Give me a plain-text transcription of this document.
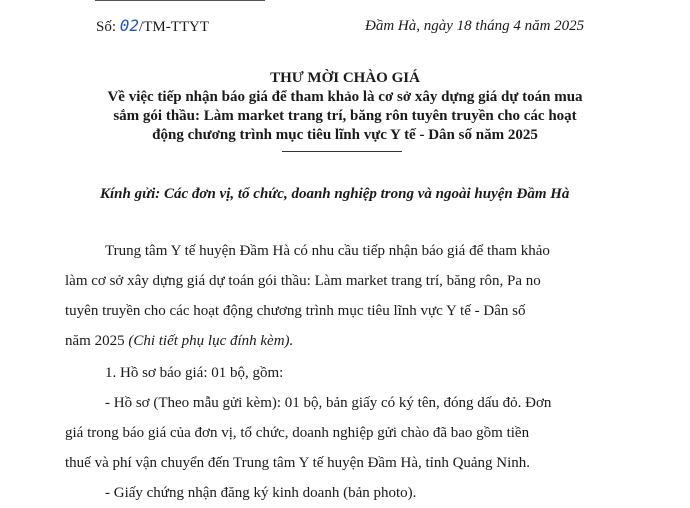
Số: 02/TM-TTYT	Đầm Hà, ngày 18 tháng 4 năm 2025
THƯ MỜI CHÀO GIÁ
Về việc tiếp nhận báo giá để tham khảo là cơ sở xây dựng giá dự toán mua
sắm gói thầu: Làm market trang trí, băng rôn tuyên truyền cho các hoạt
động chương trình mục tiêu lĩnh vực Y tế - Dân số năm 2025
Kính gửi: Các đơn vị, tổ chức, doanh nghiệp trong và ngoài huyện Đầm Hà
Trung tâm Y tế huyện Đầm Hà có nhu cầu tiếp nhận báo giá để tham khảo
làm cơ sở xây dựng giá dự toán gói thầu: Làm market trang trí, băng rôn, Pa no
tuyên truyền cho các hoạt động chương trình mục tiêu lĩnh vực Y tế - Dân số
năm 2025 (Chi tiết phụ lục đính kèm).
1. Hồ sơ báo giá: 01 bộ, gồm:
- Hồ sơ (Theo mẫu gửi kèm): 01 bộ, bản giấy có ký tên, đóng dấu đỏ. Đơn
giá trong báo giá của đơn vị, tổ chức, doanh nghiệp gửi chào đã bao gồm tiền
thuế và phí vận chuyển đến Trung tâm Y tế huyện Đầm Hà, tỉnh Quảng Ninh.
- Giấy chứng nhận đăng ký kinh doanh (bản photo).
